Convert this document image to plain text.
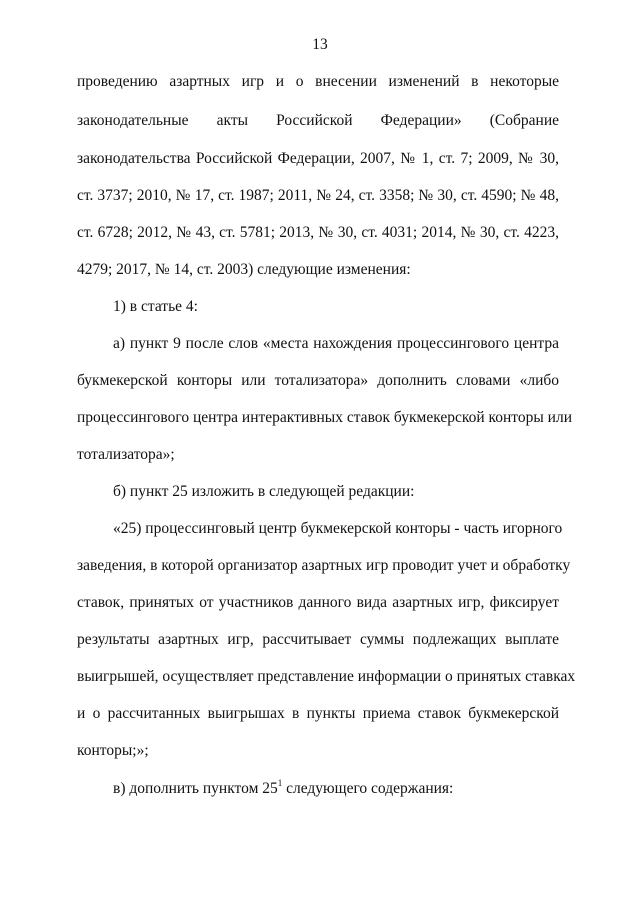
13
проведению азартных игр и о внесении изменений в некоторые
законодательные акты Российской Федерации» (Собрание
законодательства Российской Федерации, 2007, № 1, ст. 7; 2009, № 30,
ст. 3737; 2010, № 17, ст. 1987; 2011, № 24, ст. 3358; № 30, ст. 4590; № 48,
ст. 6728; 2012, № 43, ст. 5781; 2013, № 30, ст. 4031; 2014, № 30, ст. 4223,
4279; 2017, № 14, ст. 2003) следующие изменения:
1) в статье 4:
а) пункт 9 после слов «места нахождения процессингового центра
букмекерской конторы или тотализатора» дополнить словами «либо
процессингового центра интерактивных ставок букмекерской конторы или
тотализатора»;
б) пункт 25 изложить в следующей редакции:
«25) процессинговый центр букмекерской конторы - часть игорного
заведения, в которой организатор азартных игр проводит учет и обработку
ставок, принятых от участников данного вида азартных игр, фиксирует
результаты азартных игр, рассчитывает суммы подлежащих выплате
выигрышей, осуществляет представление информации о принятых ставках
и о рассчитанных выигрышах в пункты приема ставок букмекерской
конторы;»;
в) дополнить пунктом $25^1$ следующего содержания:
